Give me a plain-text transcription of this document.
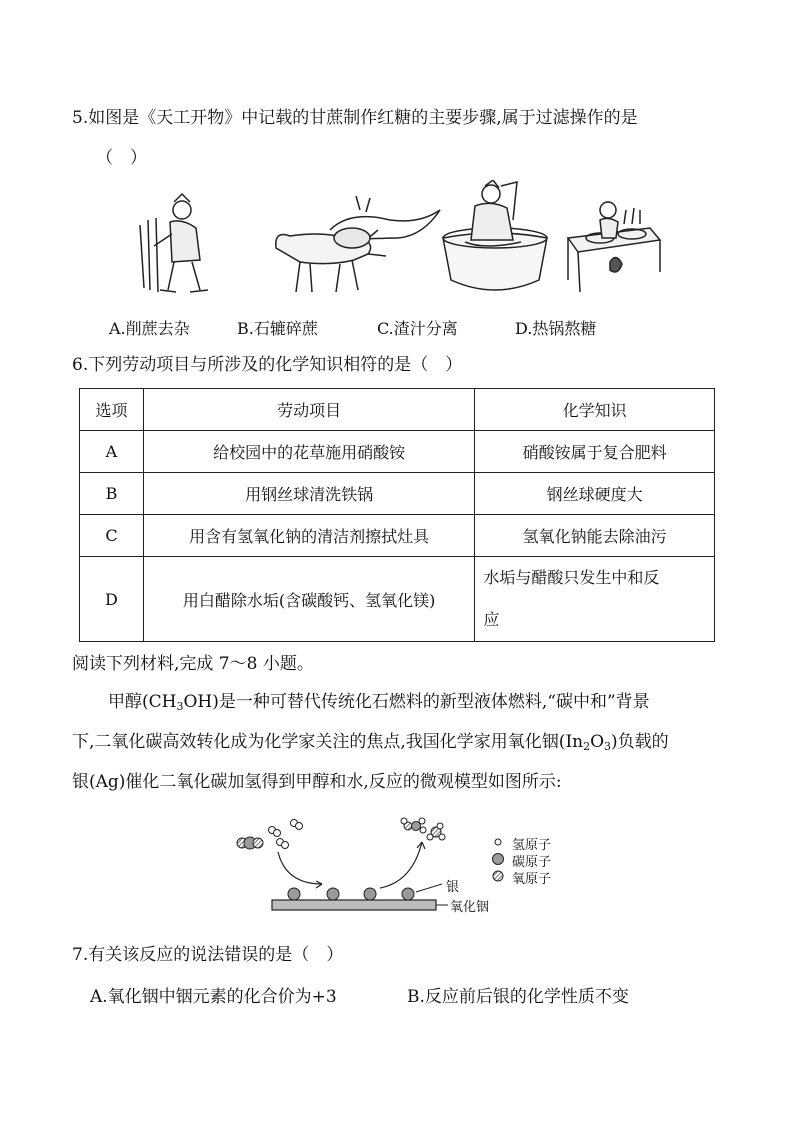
5.如图是《天工开物》中记载的甘蔗制作红糖的主要步骤,属于过滤操作的是
（　）
A.削蔗去杂	B.石辘碎蔗	C.渣汁分离	D.热锅熬糖
6.下列劳动项目与所涉及的化学知识相符的是（　）
选项	劳动项目	化学知识
A	给校园中的花草施用硝酸铵	硝酸铵属于复合肥料
B	用钢丝球清洗铁锅	钢丝球硬度大
C	用含有氢氧化钠的清洁剂擦拭灶具	氢氧化钠能去除油污
D	用白醋除水垢(含碳酸钙、氢氧化镁)	水垢与醋酸只发生中和反
应
阅读下列材料,完成 7～8 小题。
甲醇$(CH_3OH)$是一种可替代传统化石燃料的新型液体燃料,“碳中和”背景
下,二氧化碳高效转化成为化学家关注的焦点,我国化学家用氧化铟$(In_2O_3)$负载的
银(Ag)催化二氧化碳加氢得到甲醇和水,反应的微观模型如图所示:
氢原子
碳原子
氧原子
银
氧化铟
7.有关该反应的说法错误的是（　）
A.氧化铟中铟元素的化合价为+3	B.反应前后银的化学性质不变
